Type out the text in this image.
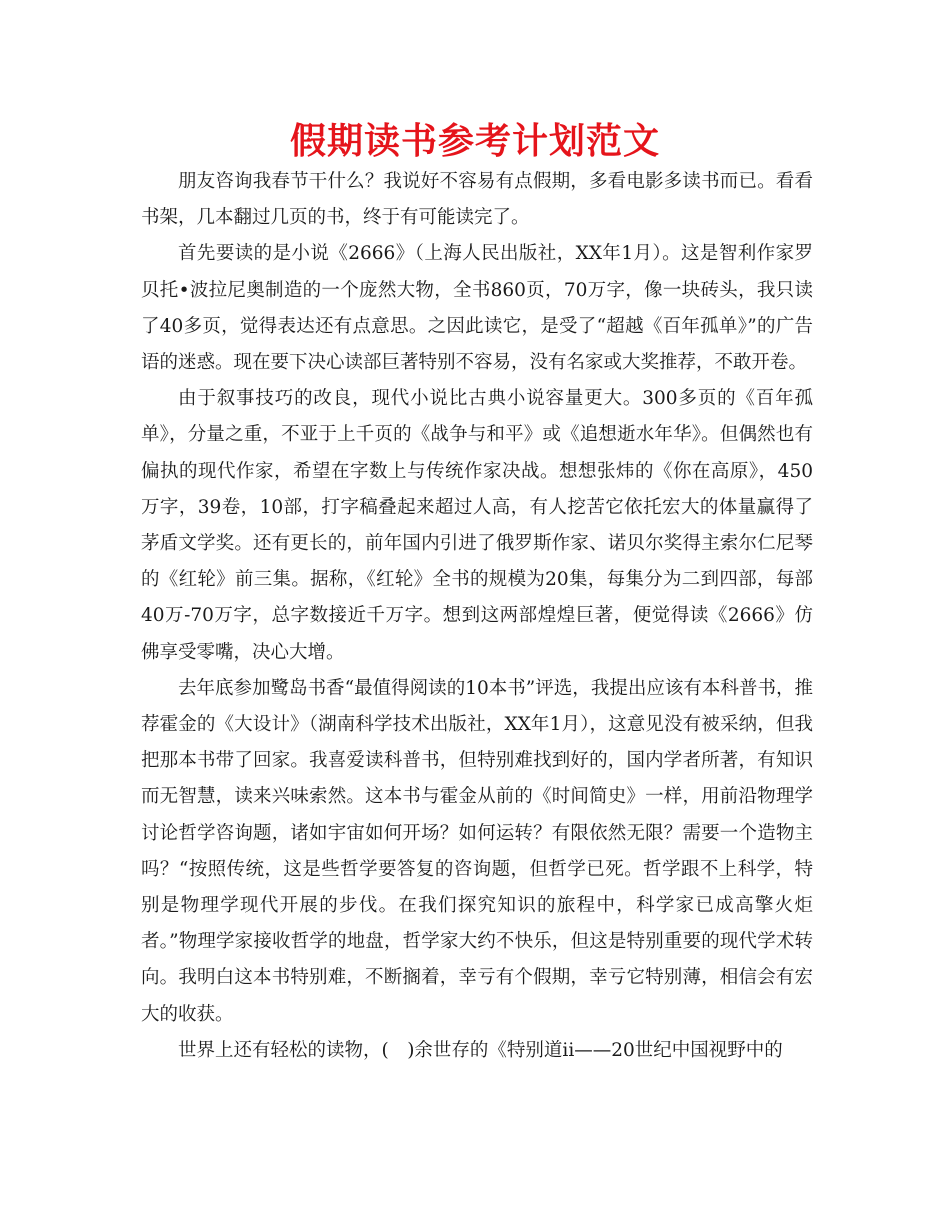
假期读书参考计划范文

朋友咨询我春节干什么？我说好不容易有点假期，多看电影多读书而已。看看书架，几本翻过几页的书，终于有可能读完了。

首先要读的是小说《2666》（上海人民出版社，XX年1月）。这是智利作家罗贝托•波拉尼奥制造的一个庞然大物，全书860页，70万字，像一块砖头，我只读了40多页，觉得表达还有点意思。之因此读它，是受了“超越《百年孤单》”的广告语的迷惑。现在要下决心读部巨著特别不容易，没有名家或大奖推荐，不敢开卷。

由于叙事技巧的改良，现代小说比古典小说容量更大。300多页的《百年孤单》，分量之重，不亚于上千页的《战争与和平》或《追想逝水年华》。但偶然也有偏执的现代作家，希望在字数上与传统作家决战。想想张炜的《你在高原》，450万字，39卷，10部，打字稿叠起来超过人高，有人挖苦它依托宏大的体量赢得了茅盾文学奖。还有更长的，前年国内引进了俄罗斯作家、诺贝尔奖得主索尔仁尼琴的《红轮》前三集。据称，《红轮》全书的规模为20集，每集分为二到四部，每部40万-70万字，总字数接近千万字。想到这两部煌煌巨著，便觉得读《2666》仿佛享受零嘴，决心大增。

去年底参加鹭岛书香“最值得阅读的10本书”评选，我提出应该有本科普书，推荐霍金的《大设计》（湖南科学技术出版社，XX年1月），这意见没有被采纳，但我把那本书带了回家。我喜爱读科普书，但特别难找到好的，国内学者所著，有知识而无智慧，读来兴味索然。这本书与霍金从前的《时间简史》一样，用前沿物理学讨论哲学咨询题，诸如宇宙如何开场？如何运转？有限依然无限？需要一个造物主吗？“按照传统，这是些哲学要答复的咨询题，但哲学已死。哲学跟不上科学，特别是物理学现代开展的步伐。在我们探究知识的旅程中，科学家已成高擎火炬者。”物理学家接收哲学的地盘，哲学家大约不快乐，但这是特别重要的现代学术转向。我明白这本书特别难，不断搁着，幸亏有个假期，幸亏它特别薄，相信会有宏大的收获。

世界上还有轻松的读物，(　)余世存的《特别道ii——20世纪中国视野中的
